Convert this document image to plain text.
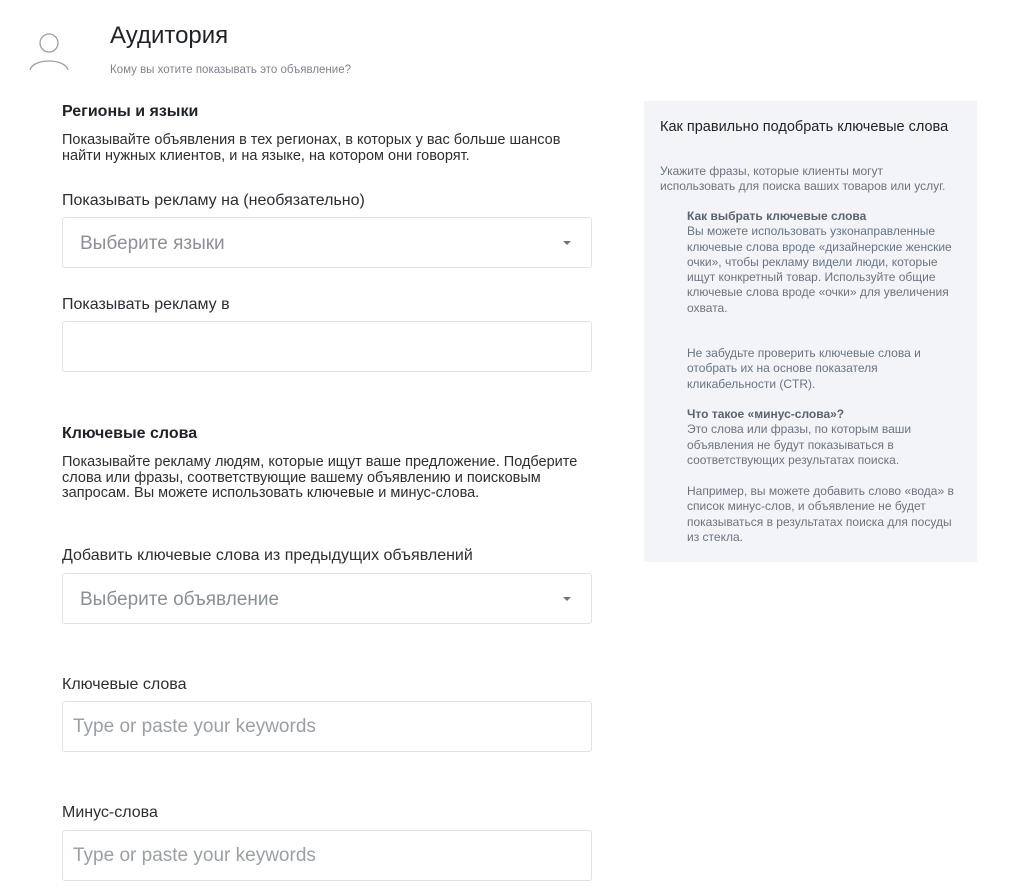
Аудитория
Кому вы хотите показывать это объявление?
Регионы и языки
Показывайте объявления в тех регионах, в которых у вас больше шансов найти нужных клиентов, и на языке, на котором они говорят.
Показывать рекламу на (необязательно)
Выберите языки
Показывать рекламу в
Ключевые слова
Показывайте рекламу людям, которые ищут ваше предложение. Подберите слова или фразы, соответствующие вашему объявлению и поисковым запросам. Вы можете использовать ключевые и минус-слова.
Добавить ключевые слова из предыдущих объявлений
Выберите объявление
Ключевые слова
Type or paste your keywords
Минус-слова
Type or paste your keywords
Как правильно подобрать ключевые слова
Укажите фразы, которые клиенты могут использовать для поиска ваших товаров или услуг.
Как выбрать ключевые слова
Вы можете использовать узконаправленные ключевые слова вроде «дизайнерские женские очки», чтобы рекламу видели люди, которые ищут конкретный товар. Используйте общие ключевые слова вроде «очки» для увеличения охвата.
Не забудьте проверить ключевые слова и отобрать их на основе показателя кликабельности (CTR).
Что такое «минус-слова»?
Это слова или фразы, по которым ваши объявления не будут показываться в соответствующих результатах поиска.
Например, вы можете добавить слово «вода» в список минус-слов, и объявление не будет показываться в результатах поиска для посуды из стекла.
